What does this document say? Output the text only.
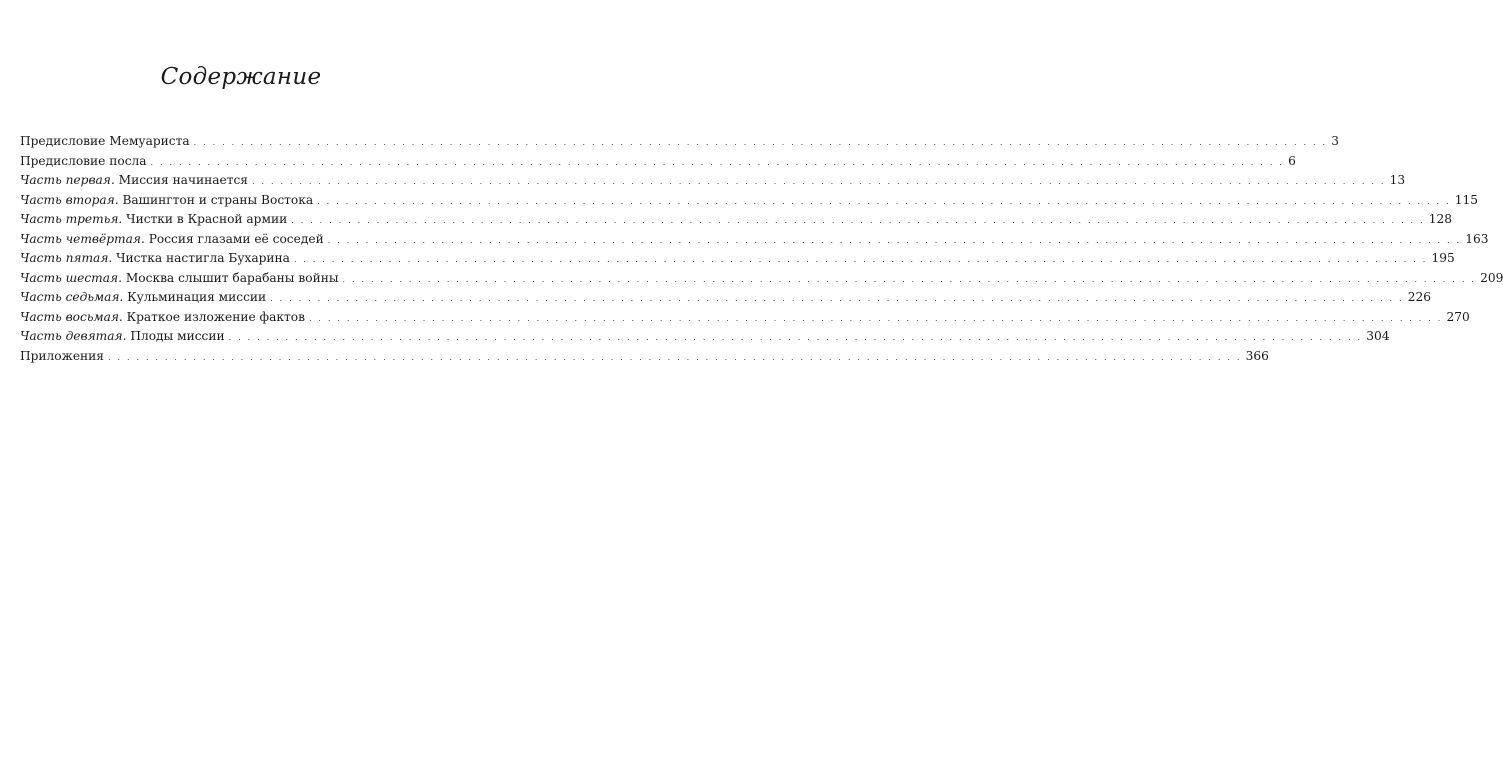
Содержание
Предисловие Мемуариста . . . . . . . . . . . . . . . . . . . . . . . . . . . . . . . . . . . . . . . . . . . . . . . . . . . . . . . . . . . . . . . . . . . . . . . . . . . . . . . . . . . . . . . . . . . . . . . . . . . . . . . . . . . . . . . . . . . . . . . . 3
Предисловие посла . . . . . . . . . . . . . . . . . . . . . . . . . . . . . . . . . . . . . . . . . . . . . . . . . . . . . . . . . . . . . . . . . . . . . . . . . . . . . . . . . . . . . . . . . . . . . . . . . . . . . . . . . . . . . . . . . . . . . . . . 6
Часть первая. Миссия начинается . . . . . . . . . . . . . . . . . . . . . . . . . . . . . . . . . . . . . . . . . . . . . . . . . . . . . . . . . . . . . . . . . . . . . . . . . . . . . . . . . . . . . . . . . . . . . . . . . . . . . . . . . . . . . . . . . . . . . . . . 13
Часть вторая. Вашингтон и страны Востока . . . . . . . . . . . . . . . . . . . . . . . . . . . . . . . . . . . . . . . . . . . . . . . . . . . . . . . . . . . . . . . . . . . . . . . . . . . . . . . . . . . . . . . . . . . . . . . . . . . . . . . . . . . . . . . . . . . . . . . . 115
Часть третья. Чистки в Красной армии . . . . . . . . . . . . . . . . . . . . . . . . . . . . . . . . . . . . . . . . . . . . . . . . . . . . . . . . . . . . . . . . . . . . . . . . . . . . . . . . . . . . . . . . . . . . . . . . . . . . . . . . . . . . . . . . . . . . . . . . 128
Часть четвёртая. Россия глазами её соседей . . . . . . . . . . . . . . . . . . . . . . . . . . . . . . . . . . . . . . . . . . . . . . . . . . . . . . . . . . . . . . . . . . . . . . . . . . . . . . . . . . . . . . . . . . . . . . . . . . . . . . . . . . . . . . . . . . . . . . . . 163
Часть пятая. Чистка настигла Бухарина . . . . . . . . . . . . . . . . . . . . . . . . . . . . . . . . . . . . . . . . . . . . . . . . . . . . . . . . . . . . . . . . . . . . . . . . . . . . . . . . . . . . . . . . . . . . . . . . . . . . . . . . . . . . . . . . . . . . . . . . 195
Часть шестая. Москва слышит барабаны войны . . . . . . . . . . . . . . . . . . . . . . . . . . . . . . . . . . . . . . . . . . . . . . . . . . . . . . . . . . . . . . . . . . . . . . . . . . . . . . . . . . . . . . . . . . . . . . . . . . . . . . . . . . . . . . . . . . . . . . . . 209
Часть седьмая. Кульминация миссии . . . . . . . . . . . . . . . . . . . . . . . . . . . . . . . . . . . . . . . . . . . . . . . . . . . . . . . . . . . . . . . . . . . . . . . . . . . . . . . . . . . . . . . . . . . . . . . . . . . . . . . . . . . . . . . . . . . . . . . . 226
Часть восьмая. Краткое изложение фактов . . . . . . . . . . . . . . . . . . . . . . . . . . . . . . . . . . . . . . . . . . . . . . . . . . . . . . . . . . . . . . . . . . . . . . . . . . . . . . . . . . . . . . . . . . . . . . . . . . . . . . . . . . . . . . . . . . . . . . . . 270
Часть девятая. Плоды миссии . . . . . . . . . . . . . . . . . . . . . . . . . . . . . . . . . . . . . . . . . . . . . . . . . . . . . . . . . . . . . . . . . . . . . . . . . . . . . . . . . . . . . . . . . . . . . . . . . . . . . . . . . . . . . . . . . . . . . . . . 304
Приложения . . . . . . . . . . . . . . . . . . . . . . . . . . . . . . . . . . . . . . . . . . . . . . . . . . . . . . . . . . . . . . . . . . . . . . . . . . . . . . . . . . . . . . . . . . . . . . . . . . . . . . . . . . . . . . . . . . . . . . . . 366
